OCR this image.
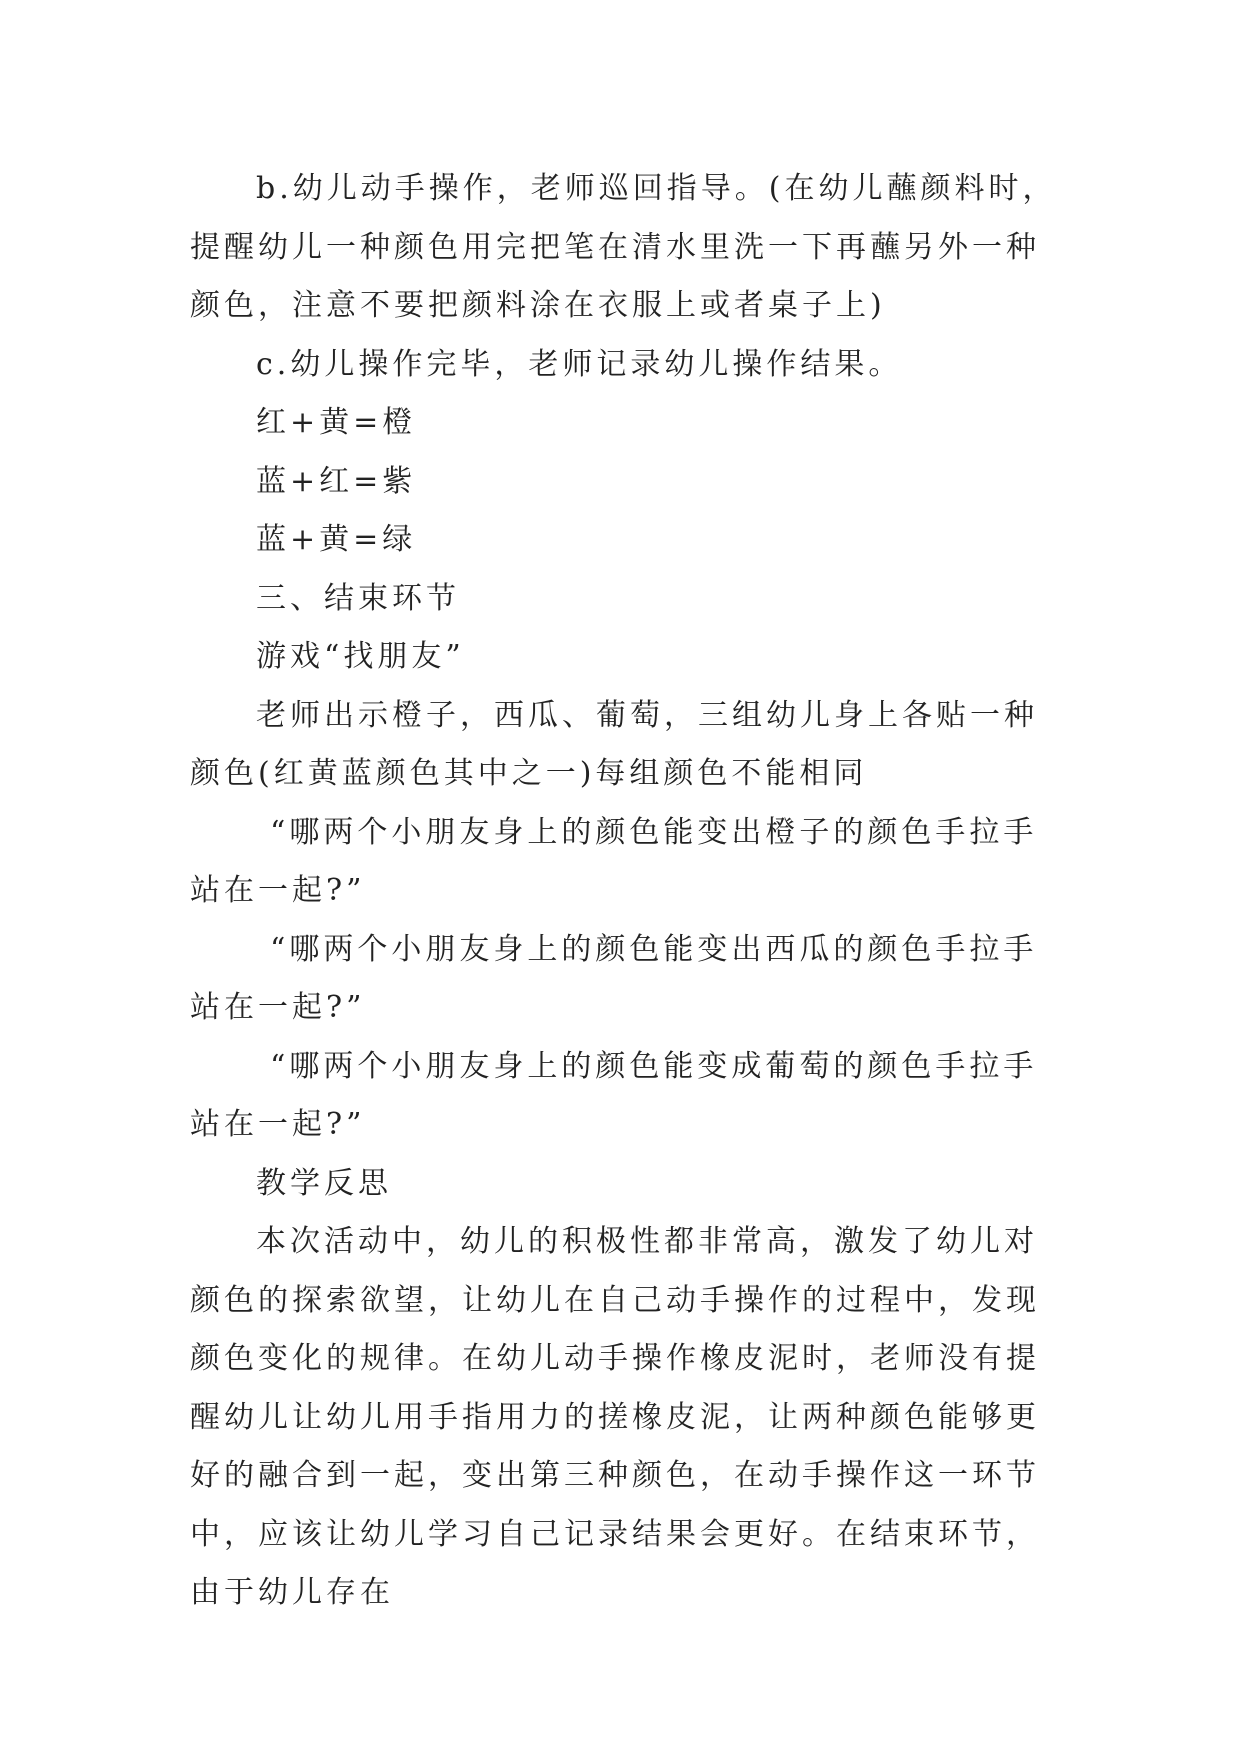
b.幼儿动手操作，老师巡回指导。(在幼儿蘸颜料时，提醒幼儿一种颜色用完把笔在清水里洗一下再蘸另外一种颜色，注意不要把颜料涂在衣服上或者桌子上)

c.幼儿操作完毕，老师记录幼儿操作结果。

红+黄=橙

蓝+红=紫

蓝+黄=绿

三、结束环节

游戏“找朋友”

老师出示橙子，西瓜、葡萄，三组幼儿身上各贴一种颜色(红黄蓝颜色其中之一)每组颜色不能相同

“哪两个小朋友身上的颜色能变出橙子的颜色手拉手站在一起?”

“哪两个小朋友身上的颜色能变出西瓜的颜色手拉手站在一起?”

“哪两个小朋友身上的颜色能变成葡萄的颜色手拉手站在一起?”

教学反思

本次活动中，幼儿的积极性都非常高，激发了幼儿对颜色的探索欲望，让幼儿在自己动手操作的过程中，发现颜色变化的规律。在幼儿动手操作橡皮泥时，老师没有提醒幼儿让幼儿用手指用力的搓橡皮泥，让两种颜色能够更好的融合到一起，变出第三种颜色，在动手操作这一环节中，应该让幼儿学习自己记录结果会更好。在结束环节，由于幼儿存在
